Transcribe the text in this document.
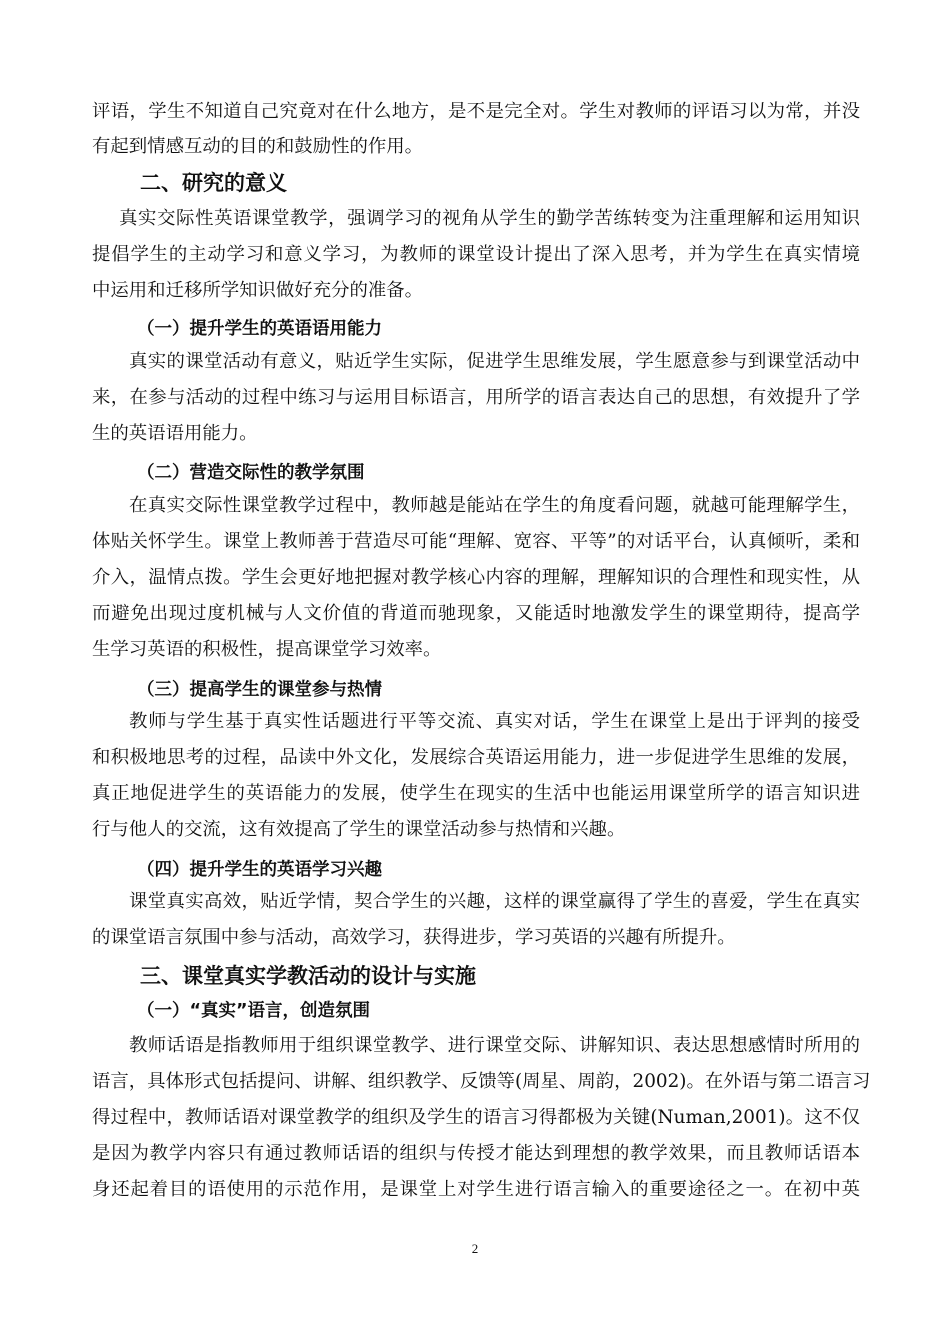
评语，学生不知道自己究竟对在什么地方，是不是完全对。学生对教师的评语习以为常，并没
有起到情感互动的目的和鼓励性的作用。
二、研究的意义
真实交际性英语课堂教学，强调学习的视角从学生的勤学苦练转变为注重理解和运用知识
提倡学生的主动学习和意义学习，为教师的课堂设计提出了深入思考，并为学生在真实情境
中运用和迁移所学知识做好充分的准备。
（一）提升学生的英语语用能力
真实的课堂活动有意义，贴近学生实际，促进学生思维发展，学生愿意参与到课堂活动中
来，在参与活动的过程中练习与运用目标语言，用所学的语言表达自己的思想，有效提升了学
生的英语语用能力。
（二）营造交际性的教学氛围
在真实交际性课堂教学过程中，教师越是能站在学生的角度看问题，就越可能理解学生，
体贴关怀学生。课堂上教师善于营造尽可能“理解、宽容、平等”的对话平台，认真倾听，柔和
介入，温情点拨。学生会更好地把握对教学核心内容的理解，理解知识的合理性和现实性，从
而避免出现过度机械与人文价值的背道而驰现象，又能适时地激发学生的课堂期待，提高学
生学习英语的积极性，提高课堂学习效率。
（三）提高学生的课堂参与热情
教师与学生基于真实性话题进行平等交流、真实对话，学生在课堂上是出于评判的接受
和积极地思考的过程，品读中外文化，发展综合英语运用能力，进一步促进学生思维的发展，
真正地促进学生的英语能力的发展，使学生在现实的生活中也能运用课堂所学的语言知识进
行与他人的交流，这有效提高了学生的课堂活动参与热情和兴趣。
（四）提升学生的英语学习兴趣
课堂真实高效，贴近学情，契合学生的兴趣，这样的课堂赢得了学生的喜爱，学生在真实
的课堂语言氛围中参与活动，高效学习，获得进步，学习英语的兴趣有所提升。
三、课堂真实学教活动的设计与实施
（一）“真实”语言，创造氛围
教师话语是指教师用于组织课堂教学、进行课堂交际、讲解知识、表达思想感情时所用的
语言，具体形式包括提问、讲解、组织教学、反馈等(周星、周韵，2002)。在外语与第二语言习
得过程中，教师话语对课堂教学的组织及学生的语言习得都极为关键(Numan,2001)。这不仅
是因为教学内容只有通过教师话语的组织与传授才能达到理想的教学效果，而且教师话语本
身还起着目的语使用的示范作用，是课堂上对学生进行语言输入的重要途径之一。在初中英
2
